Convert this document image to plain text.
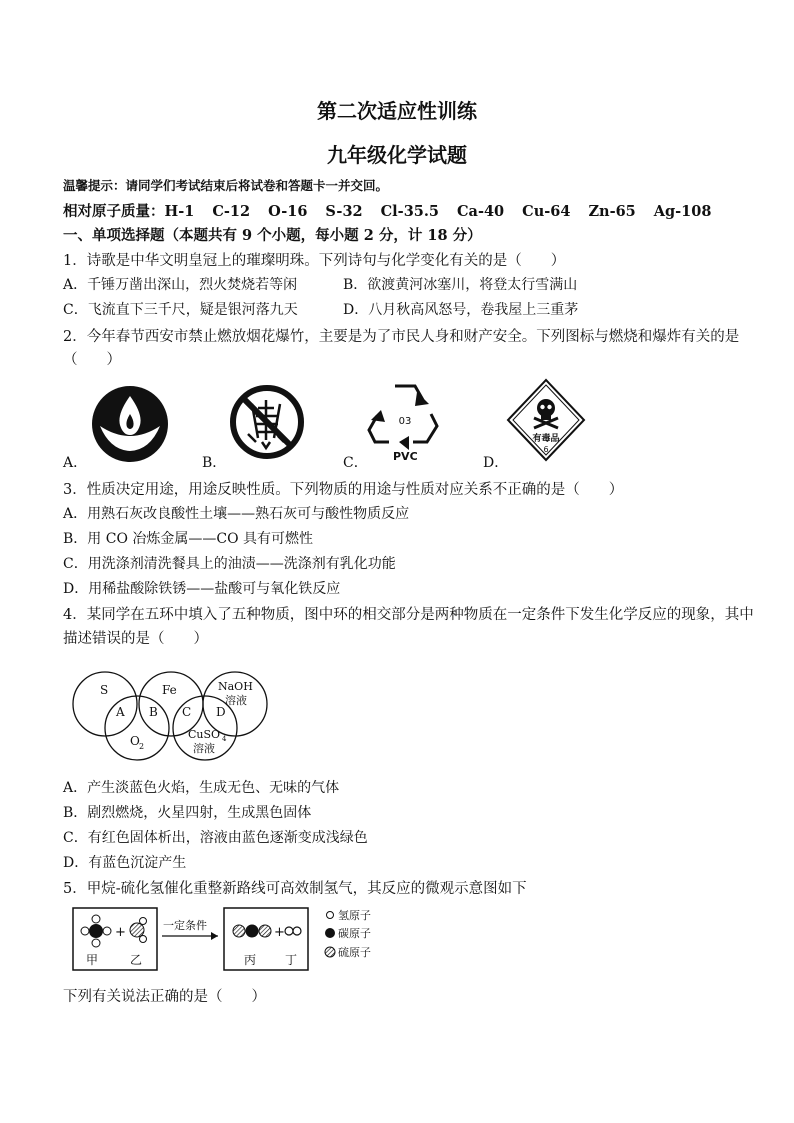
第二次适应性训练
九年级化学试题
温馨提示：请同学们考试结束后将试卷和答题卡一并交回。
相对原子质量：H-1 C-12 O-16 S-32 Cl-35.5 Ca-40 Cu-64 Zn-65 Ag-108
一、单项选择题（本题共有 9 个小题，每小题 2 分，计 18 分）
1．诗歌是中华文明皇冠上的璀璨明珠。下列诗句与化学变化有关的是（　　）
A．千锤万凿出深山，烈火焚烧若等闲	B．欲渡黄河冰塞川，将登太行雪满山
C．飞流直下三千尺，疑是银河落九天	D．八月秋高风怒号，卷我屋上三重茅
2．今年春节西安市禁止燃放烟花爆竹，主要是为了市民人身和财产安全。下列图标与燃烧和爆炸有关的是
（　　）
03
PVC
有毒品
6
A．	B．	C．	D．
3．性质决定用途，用途反映性质。下列物质的用途与性质对应关系不正确的是（　　）
A．用熟石灰改良酸性土壤——熟石灰可与酸性物质反应
B．用 CO 冶炼金属——CO 具有可燃性
C．用洗涤剂清洗餐具上的油渍——洗涤剂有乳化功能
D．用稀盐酸除铁锈——盐酸可与氧化铁反应
4．某同学在五环中填入了五种物质，图中环的相交部分是两种物质在一定条件下发生化学反应的现象，其中
描述错误的是（　　）
S	Fe	NaOH
溶液
O 2
CuSO 4
溶液
A B C D
A．产生淡蓝色火焰，生成无色、无味的气体
B．剧烈燃烧，火星四射，生成黑色固体
C．有红色固体析出，溶液由蓝色逐渐变成浅绿色
D．有蓝色沉淀产生
5．甲烷-硫化氢催化重整新路线可高效制氢气，其反应的微观示意图如下
+
甲	乙
一定条件	+
丙 丁
氢原子
碳原子
硫原子
下列有关说法正确的是（　　）
